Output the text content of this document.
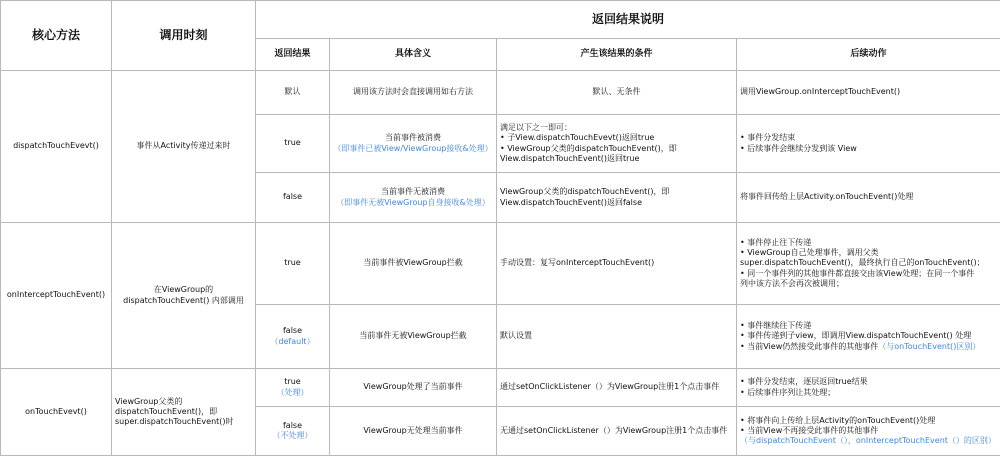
核心方法	调用时刻	返回结果说明			
		返回结果	具体含义	产生该结果的条件	后续动作
dispatchTouchEvevt()	事件从Activity传递过来时	默认	调用该方法时会直接调用如右方法	默认、无条件	调用ViewGroup.onInterceptTouchEvent()
		true	当前事件被消费
（即事件已被View/ViewGroup接收&处理）	满足以下之一即可：
• 子View.dispatchTouchEvevt()返回true
• ViewGroup父类的dispatchTouchEvent()，即
View.dispatchTouchEvent()返回true	• 事件分发结束
• 后续事件会继续分发到该 View

		false	当前事件无被消费
（即事件无被ViewGroup自身接收&处理）	ViewGroup父类的dispatchTouchEvent()，即
View.dispatchTouchEvent()返回false	将事件回传给上层Activity.onTouchEvent()处理
onInterceptTouchEvent()	在ViewGroup的
dispatchTouchEvent() 内部调用	true	当前事件被ViewGroup拦截	手动设置：复写onInterceptTouchEvent()	• 事件停止往下传递
• ViewGroup自己处理事件，调用父类
super.dispatchTouchEvent()，最终执行自己的onTouchEvent()；
• 同一个事件列的其他事件都直接交由该View处理；在同一个事件
列中该方法不会再次被调用；

		false
（default）	当前事件无被ViewGroup拦截	默认设置	• 事件继续往下传递
• 事件传递到子view，即调用View.dispatchTouchEvent() 处理
• 当前View仍然接受此事件的其他事件（与onTouchEvent()区别）

onTouchEvevt()	ViewGroup父类的
dispatchTouchEvent()，即
super.dispatchTouchEvent()时	true
（处理）	ViewGroup处理了当前事件	通过setOnClickListener（）为ViewGroup注册1个点击事件	• 事件分发结束，逐层返回true结果
• 后续事件序列让其处理；

		false
（不处理）	ViewGroup无处理当前事件	无通过setOnClickListener（）为ViewGroup注册1个点击事件	• 将事件向上传给上层Activity的onTouchEvent()处理
• 当前View不再接受此事件的其他事件
（与dispatchTouchEvent（），onInterceptTouchEvent（）的区别）
